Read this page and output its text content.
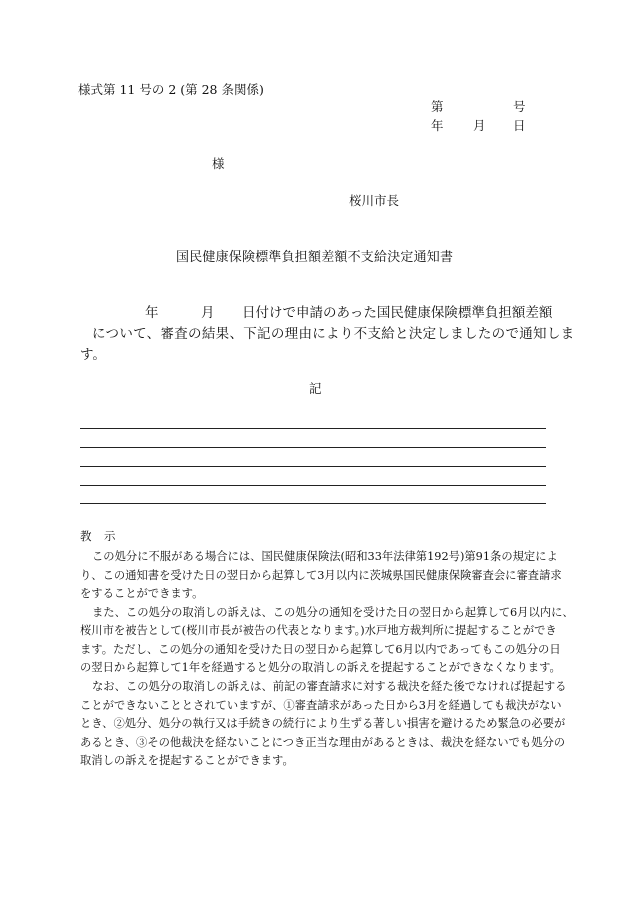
様式第 11 号の 2 (第 28 条関係)
第	号
年 月 日
様
桜川市長
国民健康保険標準負担額差額不支給決定通知書
年	月 日付けで申請のあった国民健康保険標準負担額差額
について、審査の結果、下記の理由により不支給と決定しましたので通知しま
す。
記
教　示
この処分に不服がある場合には、国民健康保険法(昭和33年法律第192号)第91条の規定によ
り、この通知書を受けた日の翌日から起算して3月以内に茨城県国民健康保険審査会に審査請求
をすることができます。
また、この処分の取消しの訴えは、この処分の通知を受けた日の翌日から起算して6月以内に、
桜川市を被告として(桜川市長が被告の代表となります。)水戸地方裁判所に提起することができ
ます。ただし、この処分の通知を受けた日の翌日から起算して6月以内であってもこの処分の日
の翌日から起算して1年を経過すると処分の取消しの訴えを提起することができなくなります。
なお、この処分の取消しの訴えは、前記の審査請求に対する裁決を経た後でなければ提起する
ことができないこととされていますが、①審査請求があった日から3月を経過しても裁決がない
とき、②処分、処分の執行又は手続きの続行により生ずる著しい損害を避けるため緊急の必要が
あるとき、③その他裁決を経ないことにつき正当な理由があるときは、裁決を経ないでも処分の
取消しの訴えを提起することができます。
